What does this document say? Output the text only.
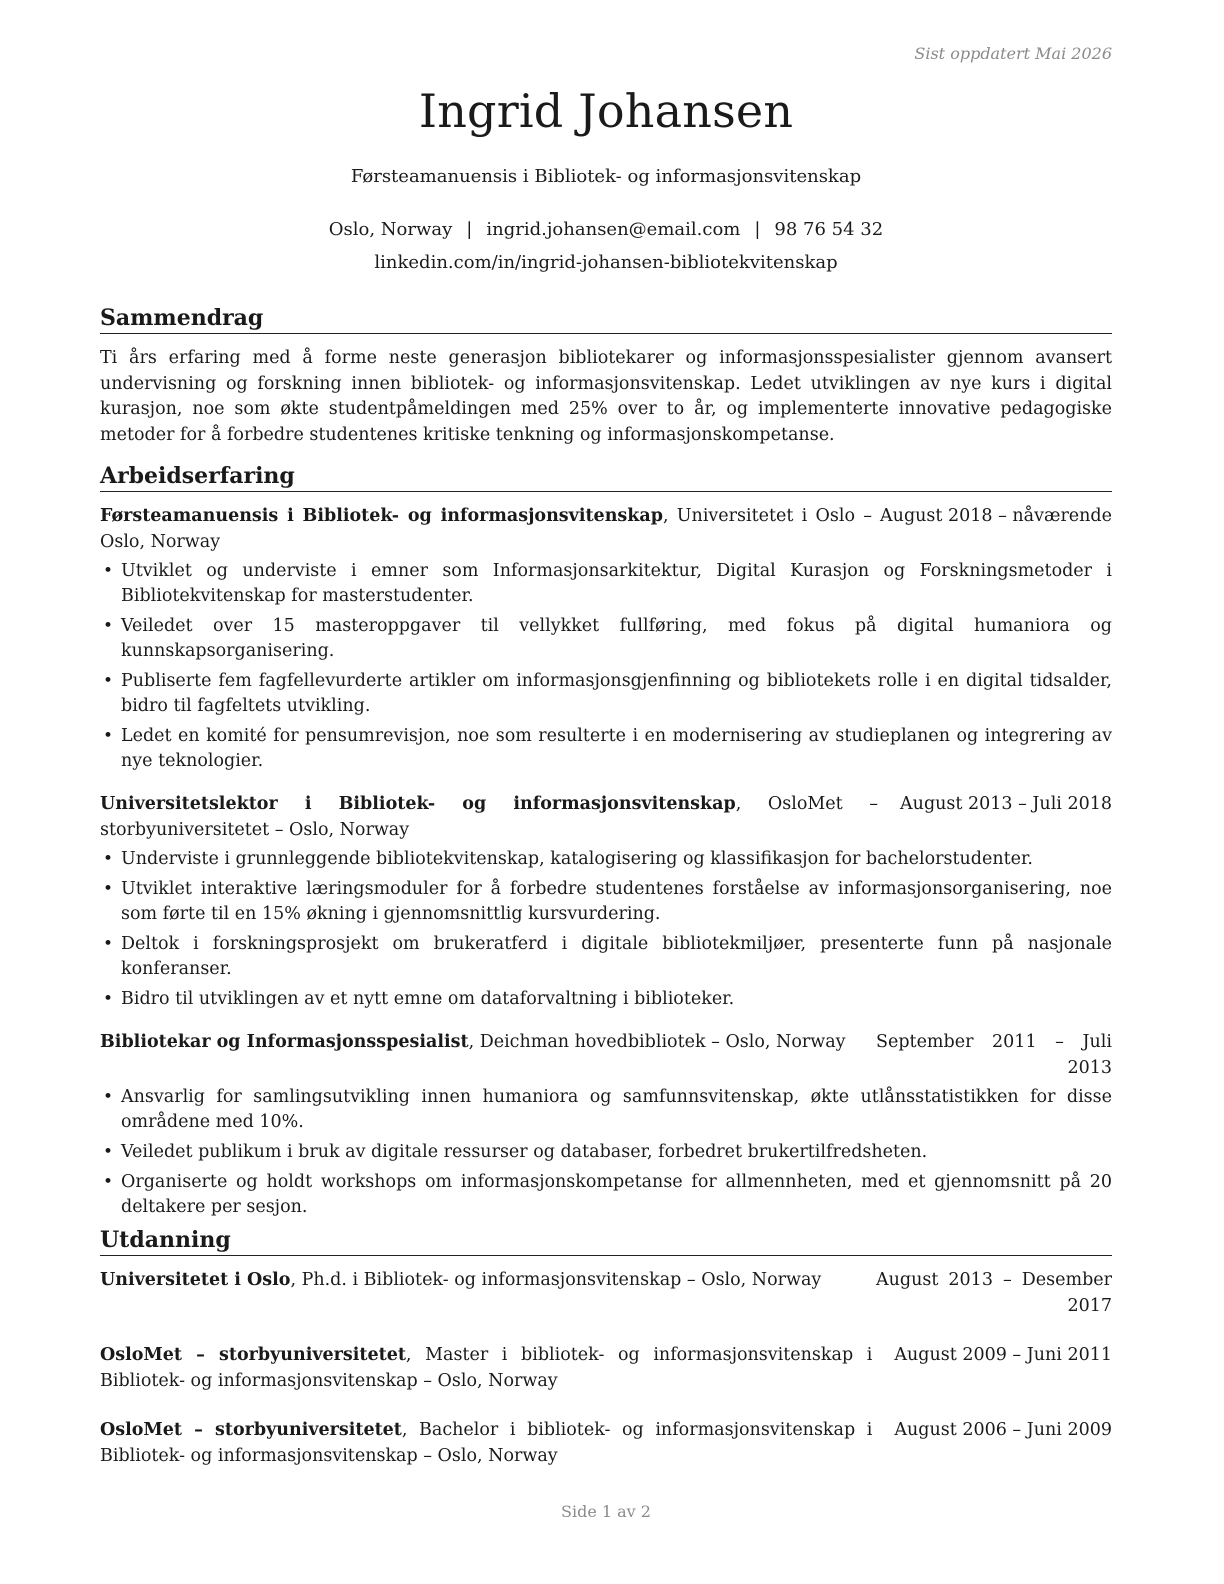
Sist oppdatert Mai 2026
Ingrid Johansen
Førsteamanuensis i Bibliotek- og informasjonsvitenskap
Oslo, Norway | ingrid.johansen@email.com | 98 76 54 32
linkedin.com/in/ingrid-johansen-bibliotekvitenskap
Sammendrag

Ti års erfaring med å forme neste generasjon bibliotekarer og informasjonsspesialister gjennom avansert undervisning og forskning innen bibliotek- og informasjonsvitenskap. Ledet utviklingen av nye kurs i digital kurasjon, noe som økte studentpåmeldingen med 25% over to år, og implementerte innovative pedagogiske metoder for å forbedre studentenes kritiske tenkning og informasjonskompetanse.

Arbeidserfaring
Førsteamanuensis i Bibliotek- og informasjonsvitenskap, Universitetet i Oslo – Oslo, Norway
August 2018 – nåværende
• Utviklet og underviste i emner som Informasjonsarkitektur, Digital Kurasjon og Forskningsmetoder i Bibliotekvitenskap for masterstudenter.
• Veiledet over 15 masteroppgaver til vellykket fullføring, med fokus på digital humaniora og kunnskapsorganisering.
• Publiserte fem fagfellevurderte artikler om informasjonsgjenfinning og bibliotekets rolle i en digital tidsalder, bidro til fagfeltets utvikling.
• Ledet en komité for pensumrevisjon, noe som resulterte i en modernisering av studieplanen og integrering av nye teknologier.
Universitetslektor i Bibliotek- og informasjonsvitenskap, OsloMet – storbyuniversitetet – Oslo, Norway
August 2013 – Juli 2018
• Underviste i grunnleggende bibliotekvitenskap, katalogisering og klassifikasjon for bachelorstudenter.
• Utviklet interaktive læringsmoduler for å forbedre studentenes forståelse av informasjonsorganisering, noe som førte til en 15% økning i gjennomsnittlig kursvurdering.
• Deltok i forskningsprosjekt om brukeratferd i digitale bibliotekmiljøer, presenterte funn på nasjonale konferanser.
• Bidro til utviklingen av et nytt emne om dataforvaltning i biblioteker.
Bibliotekar og Informasjonsspesialist, Deichman hovedbibliotek – Oslo, Norway	September 2011 – Juli 2013
• Ansvarlig for samlingsutvikling innen humaniora og samfunnsvitenskap, økte utlånsstatistikken for disse områdene med 10%.
• Veiledet publikum i bruk av digitale ressurser og databaser, forbedret brukertilfredsheten.
• Organiserte og holdt workshops om informasjonskompetanse for allmennheten, med et gjennomsnitt på 20 deltakere per sesjon.
Utdanning
Universitetet i Oslo, Ph.d. i Bibliotek- og informasjonsvitenskap – Oslo, Norway	August 2013 – Desember 2017
OsloMet – storbyuniversitetet, Master i bibliotek- og informasjonsvitenskap i Bibliotek- og informasjonsvitenskap – Oslo, Norway
August 2009 – Juni 2011
OsloMet – storbyuniversitetet, Bachelor i bibliotek- og informasjonsvitenskap i Bibliotek- og informasjonsvitenskap – Oslo, Norway
August 2006 – Juni 2009
Side 1 av 2
